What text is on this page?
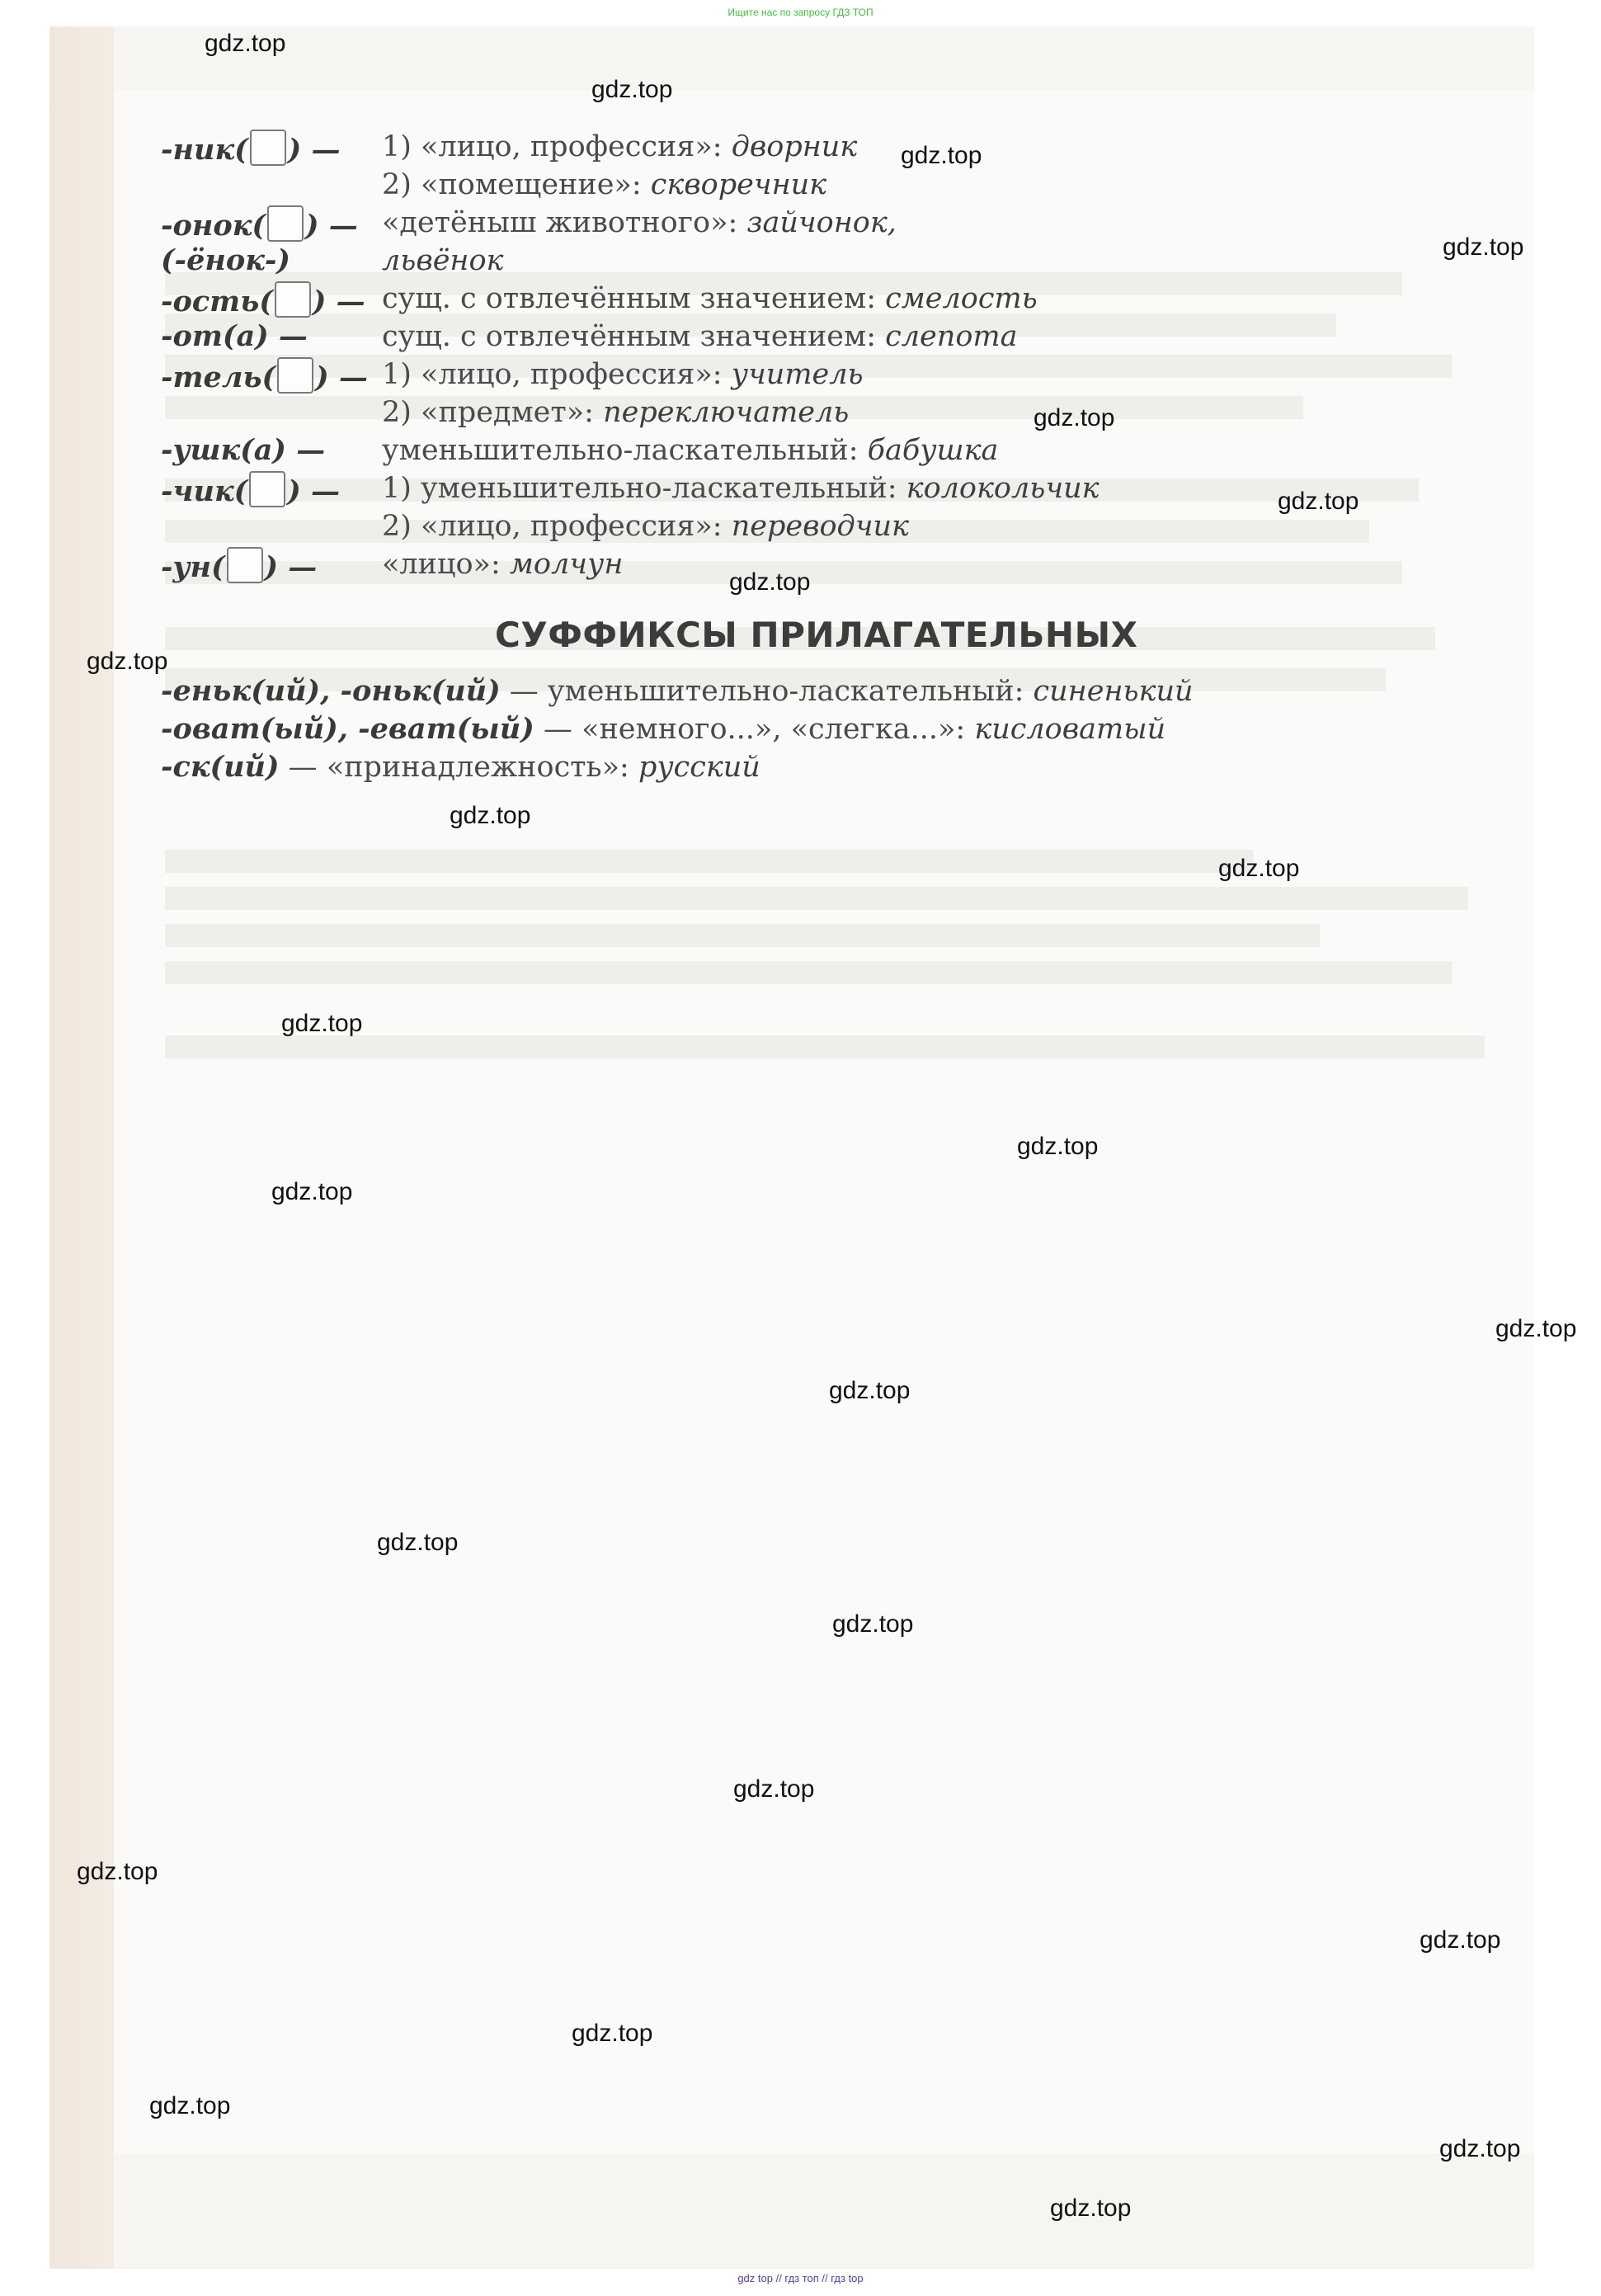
Ищите нас по запросу ГДЗ ТОП
-ник( ) — 1) «лицо, профессия»: дворник
2) «помещение»: скворечник
-онок( ) — «детёныш животного»: зайчонок,
(-ёнок-)	львёнок
-ость( ) — сущ. с отвлечённым значением: смелость
-от(а) —	сущ. с отвлечённым значением: слепота
-тель( ) — 1) «лицо, профессия»: учитель
2) «предмет»: переключатель
-ушк(а) — уменьшительно-ласкательный: бабушка
-чик( ) — 1) уменьшительно-ласкательный: колокольчик
2) «лицо, профессия»: переводчик
-ун( ) — «лицо»: молчун
СУФФИКСЫ ПРИЛАГАТЕЛЬНЫХ
-еньк(ий), -оньк(ий) — уменьшительно-ласкательный: синенький
-оват(ый), -еват(ый) — «немного...», «слегка...»: кисловатый
-ск(ий) — «принадлежность»: русский
gdz.top
gdz.top
gdz.top
gdz.top
gdz.top
gdz.top
gdz.top
gdz.top
gdz.top
gdz.top
gdz.top
gdz.top
gdz.top
gdz.top
gdz.top
gdz.top
gdz.top
gdz.top
gdz.top
gdz.top
gdz.top
gdz.top
gdz.top
gdz.top
gdz top // гдз топ // гдз top
